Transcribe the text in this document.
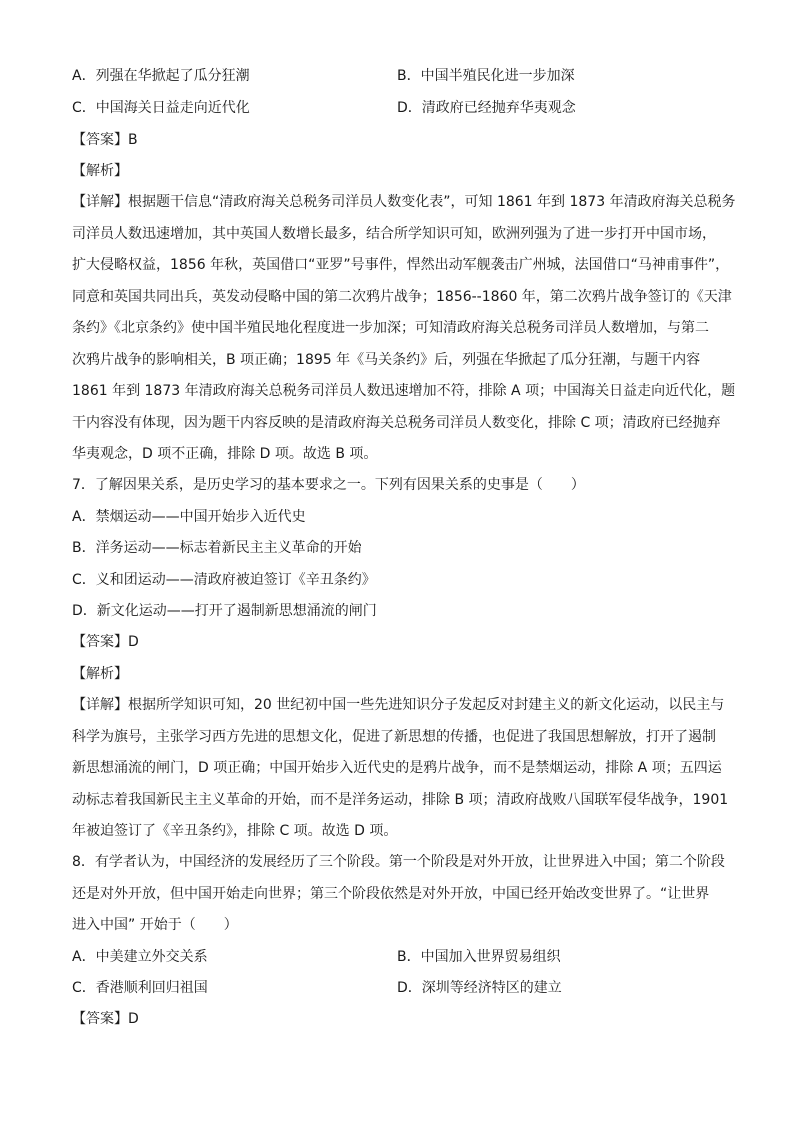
A．列强在华掀起了瓜分狂潮	B．中国半殖民化进一步加深
C．中国海关日益走向近代化	D．清政府已经抛弃华夷观念
【答案】B
【解析】
【详解】根据题干信息“清政府海关总税务司洋员人数变化表”，可知 1861 年到 1873 年清政府海关总税务
司洋员人数迅速增加，其中英国人数增长最多，结合所学知识可知，欧洲列强为了进一步打开中国市场，
扩大侵略权益，1856 年秋，英国借口“亚罗”号事件，悍然出动军舰袭击广州城，法国借口“马神甫事件”，
同意和英国共同出兵，英发动侵略中国的第二次鸦片战争；1856--1860 年，第二次鸦片战争签订的《天津
条约》《北京条约》使中国半殖民地化程度进一步加深；可知清政府海关总税务司洋员人数增加，与第二
次鸦片战争的影响相关，B 项正确；1895 年《马关条约》后，列强在华掀起了瓜分狂潮，与题干内容
1861 年到 1873 年清政府海关总税务司洋员人数迅速增加不符，排除 A 项；中国海关日益走向近代化，题
干内容没有体现，因为题干内容反映的是清政府海关总税务司洋员人数变化，排除 C 项；清政府已经抛弃
华夷观念，D 项不正确，排除 D 项。故选 B 项。
7．了解因果关系，是历史学习的基本要求之一。下列有因果关系的史事是（　　）
A．禁烟运动——中国开始步入近代史
B．洋务运动——标志着新民主主义革命的开始
C．义和团运动——清政府被迫签订《辛丑条约》
D．新文化运动——打开了遏制新思想涌流的闸门
【答案】D
【解析】
【详解】根据所学知识可知，20 世纪初中国一些先进知识分子发起反对封建主义的新文化运动，以民主与
科学为旗号，主张学习西方先进的思想文化，促进了新思想的传播，也促进了我国思想解放，打开了遏制
新思想涌流的闸门，D 项正确；中国开始步入近代史的是鸦片战争，而不是禁烟运动，排除 A 项；五四运
动标志着我国新民主主义革命的开始，而不是洋务运动，排除 B 项；清政府战败八国联军侵华战争，1901
年被迫签订了《辛丑条约》，排除 C 项。故选 D 项。
8．有学者认为，中国经济的发展经历了三个阶段。第一个阶段是对外开放，让世界进入中国；第二个阶段
还是对外开放，但中国开始走向世界；第三个阶段依然是对外开放，中国已经开始改变世界了。“让世界
进入中国” 开始于（　　）
A．中美建立外交关系	B．中国加入世界贸易组织
C．香港顺利回归祖国	D．深圳等经济特区的建立
【答案】D
